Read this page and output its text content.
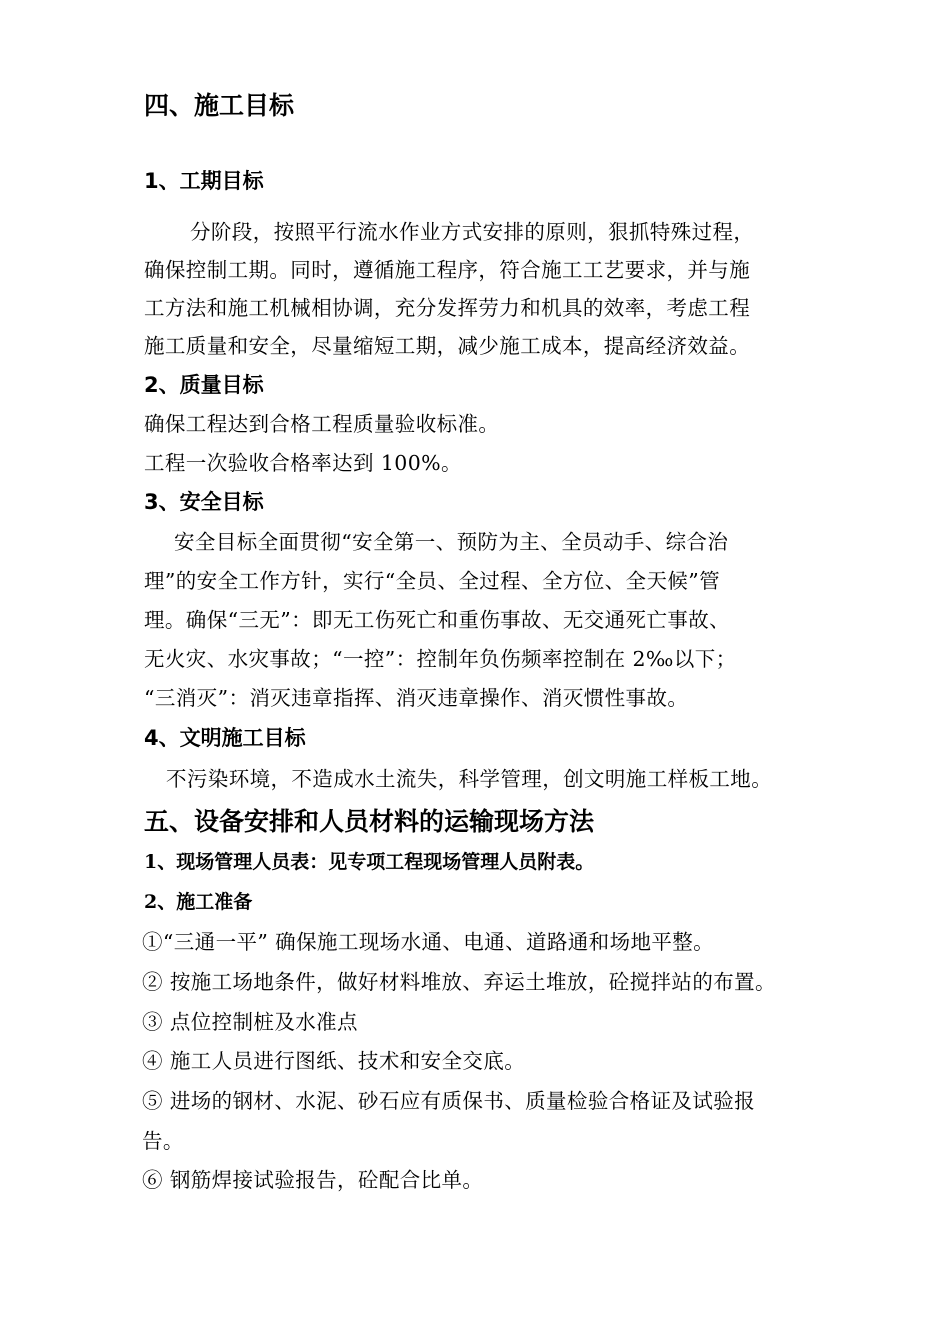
四、施工目标
1、工期目标
分阶段，按照平行流水作业方式安排的原则，狠抓特殊过程，
确保控制工期。同时，遵循施工程序，符合施工工艺要求，并与施
工方法和施工机械相协调，充分发挥劳力和机具的效率，考虑工程
施工质量和安全，尽量缩短工期，减少施工成本，提高经济效益。
2、质量目标
确保工程达到合格工程质量验收标准。
工程一次验收合格率达到 100%。
3、安全目标
安全目标全面贯彻“安全第一、预防为主、全员动手、综合治
理”的安全工作方针，实行“全员、全过程、全方位、全天候”管
理。确保“三无”：即无工伤死亡和重伤事故、无交通死亡事故、
无火灾、水灾事故；“一控”：控制年负伤频率控制在 2‰以下；
“三消灭”：消灭违章指挥、消灭违章操作、消灭惯性事故。
4、文明施工目标
不污染环境，不造成水土流失，科学管理，创文明施工样板工地。
五、设备安排和人员材料的运输现场方法
1、现场管理人员表：见专项工程现场管理人员附表。
2、施工准备
①“三通一平” 确保施工现场水通、电通、道路通和场地平整。
② 按施工场地条件，做好材料堆放、弃运土堆放，砼搅拌站的布置。
③ 点位控制桩及水准点
④ 施工人员进行图纸、技术和安全交底。
⑤ 进场的钢材、水泥、砂石应有质保书、质量检验合格证及试验报
告。
⑥ 钢筋焊接试验报告，砼配合比单。
